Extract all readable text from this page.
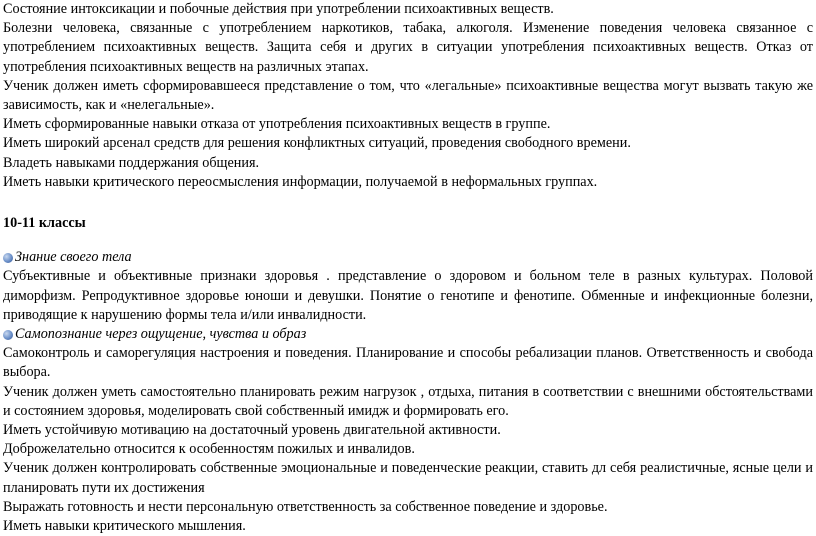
Состояние интоксикации и побочные действия при употреблении психоактивных веществ.

Болезни человека, связанные с употреблением наркотиков, табака, алкоголя. Изменение поведения человека связанное с употреблением психоактивных веществ. Защита себя и других в ситуации употребления психоактивных веществ. Отказ от употребления психоактивных веществ на различных этапах.

Ученик должен иметь сформировавшееся представление о том, что «легальные» психоактивные вещества могут вызвать такую же зависимость, как и «нелегальные».

Иметь сформированные навыки отказа от употребления психоактивных веществ в группе.

Иметь широкий арсенал средств для решения конфликтных ситуаций, проведения свободного времени.

Владеть навыками поддержания общения.

Иметь навыки критического переосмысления информации, получаемой в неформальных группах.

10-11 классы
Знание своего тела

Субъективные и объективные признаки здоровья . представление о здоровом и больном теле в разных культурах. Половой диморфизм. Репродуктивное здоровье юноши и девушки. Понятие о генотипе и фенотипе. Обменные и инфекционные болезни, приводящие к нарушению формы тела и/или инвалидности.

Самопознание через ощущение, чувства и образ

Самоконтроль и саморегуляция настроения и поведения. Планирование и способы ребализации планов. Ответственность и свобода выбора.

Ученик должен уметь самостоятельно планировать режим нагрузок , отдыха, питания в соответствии с внешними обстоятельствами и состоянием здоровья, моделировать свой собственный имидж и формировать его.

Иметь устойчивую мотивацию на достаточный уровень двигательной активности.

Доброжелательно относится к особенностям пожилых и инвалидов.

Ученик должен контролировать собственные эмоциональные и поведенческие реакции, ставить дл себя реалистичные, ясные цели и планировать пути их достижения

Выражать готовность и нести персональную ответственность за собственное поведение и здоровье.

Иметь навыки критического мышления.
